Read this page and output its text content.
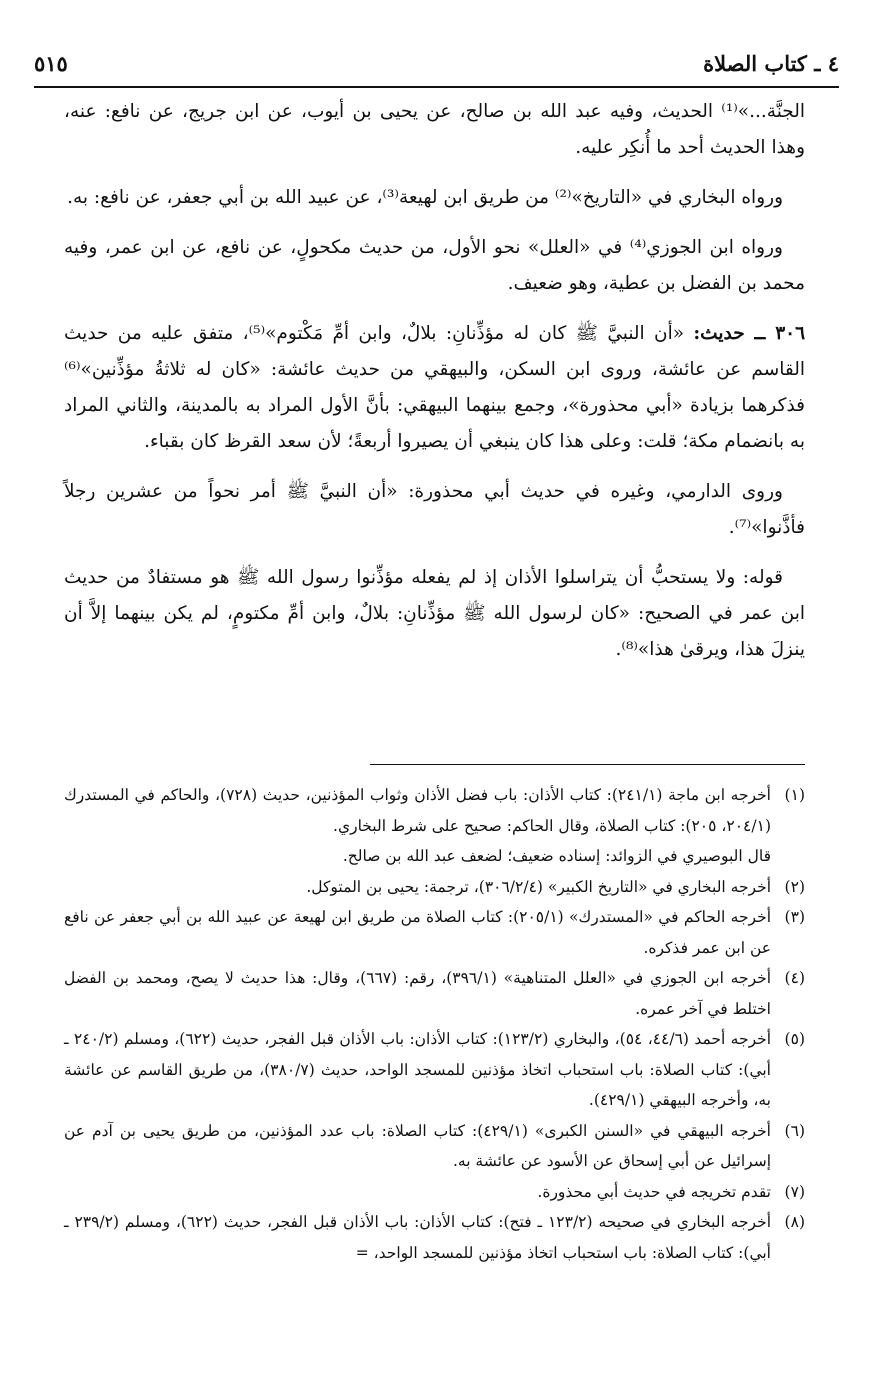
٥١٥	٤ ـ كتاب الصلاة

الجنَّة...»⁽¹⁾ الحديث، وفيه عبد الله بن صالح، عن يحيى بن أيوب، عن ابن جريج، عن نافع: عنه، وهذا الحديث أحد ما أُنكِر عليه.

ورواه البخاري في «التاريخ»⁽²⁾ من طريق ابن لهيعة⁽³⁾، عن عبيد الله بن أبي جعفر، عن نافع: به.

ورواه ابن الجوزي⁽⁴⁾ في «العلل» نحو الأول، من حديث مكحولٍ، عن نافع، عن ابن عمر، وفيه محمد بن الفضل بن عطية، وهو ضعيف.

٣٠٦ ــ حديث: «أن النبيَّ ﷺ كان له مؤذِّنانِ: بلالٌ، وابن أمِّ مَكْتوم»⁽⁵⁾، متفق عليه من حديث القاسم عن عائشة، وروى ابن السكن، والبيهقي من حديث عائشة: «كان له ثلاثةُ مؤذِّنين»⁽⁶⁾ فذكرهما بزيادة «أبي محذورة»، وجمع بينهما البيهقي: بأنَّ الأول المراد به بالمدينة، والثاني المراد به بانضمام مكة؛ قلت: وعلى هذا كان ينبغي أن يصيروا أربعةً؛ لأن سعد القرظ كان بقباء.

وروى الدارمي، وغيره في حديث أبي محذورة: «أن النبيَّ ﷺ أمر نحواً من عشرين رجلاً فأذَّنوا»⁽⁷⁾.

قوله: ولا يستحبُّ أن يتراسلوا الأذان إذ لم يفعله مؤذِّنوا رسول الله ﷺ هو مستفادٌ من حديث ابن عمر في الصحيح: «كان لرسول الله ﷺ مؤذِّنانِ: بلالٌ، وابن أمِّ مكتومٍ، لم يكن بينهما إلاَّ أن ينزلَ هذا، ويرقىٰ هذا»⁽⁸⁾.

(١)
أخرجه ابن ماجة (٢٤١/١): كتاب الأذان: باب فضل الأذان وثواب المؤذنين، حديث (٧٢٨)، والحاكم في المستدرك (٢٠٤/١، ٢٠٥): كتاب الصلاة، وقال الحاكم: صحيح على شرط البخاري.
قال البوصيري في الزوائد: إسناده ضعيف؛ لضعف عبد الله بن صالح.
(٢)
أخرجه البخاري في «التاريخ الكبير» (٣٠٦/٢/٤)، ترجمة: يحيى بن المتوكل.
(٣)
أخرجه الحاكم في «المستدرك» (٢٠٥/١): كتاب الصلاة من طريق ابن لهيعة عن عبيد الله بن أبي جعفر عن نافع عن ابن عمر فذكره.
(٤)
أخرجه ابن الجوزي في «العلل المتناهية» (٣٩٦/١)، رقم: (٦٦٧)، وقال: هذا حديث لا يصح، ومحمد بن الفضل اختلط في آخر عمره.
(٥)
أخرجه أحمد (٤٤/٦، ٥٤)، والبخاري (١٢٣/٢): كتاب الأذان: باب الأذان قبل الفجر، حديث (٦٢٢)، ومسلم (٢٤٠/٢ ـ أبي): كتاب الصلاة: باب استحباب اتخاذ مؤذنين للمسجد الواحد، حديث (٣٨٠/٧)، من طريق القاسم عن عائشة به، وأخرجه البيهقي (٤٢٩/١).
(٦)
أخرجه البيهقي في «السنن الكبرى» (٤٢٩/١): كتاب الصلاة: باب عدد المؤذنين، من طريق يحيى بن آدم عن إسرائيل عن أبي إسحاق عن الأسود عن عائشة به.
(٧)
تقدم تخريجه في حديث أبي محذورة.
(٨)
أخرجه البخاري في صحيحه (١٢٣/٢ ـ فتح): كتاب الأذان: باب الأذان قبل الفجر، حديث (٦٢٢)، ومسلم (٢٣٩/٢ ـ أبي): كتاب الصلاة: باب استحباب اتخاذ مؤذنين للمسجد الواحد، =
